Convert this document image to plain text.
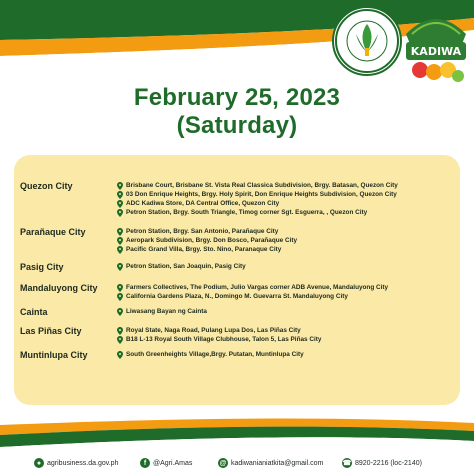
KADIWA
February 25, 2023
(Saturday)
Quezon City	Brisbane Court, Brisbane St. Vista Real Classica Subdivision, Brgy. Batasan, Quezon City
03 Don Enrique Heights, Brgy. Holy Spirit, Don Enrique Heights Subdivision, Quezon City
ADC Kadiwa Store, DA Central Office, Quezon City
Petron Station, Brgy. South Triangle, Timog corner Sgt. Esguerra, , Quezon City
Parañaque City	Petron Station, Brgy. San Antonio, Parañaque City
Aeropark Subdivision, Brgy. Don Bosco, Parañaque City
Pacific Grand Villa, Brgy. Sto. Nino, Paranaque City
Pasig City	Petron Station, San Joaquin, Pasig City
Mandaluyong City	Farmers Collectives, The Podium, Julio Vargas corner ADB Avenue, Mandaluyong City
California Gardens Plaza, N., Domingo M. Guevarra St. Mandaluyong City
Cainta	Liwasang Bayan ng Cainta
Las Piñas City	Royal State, Naga Road, Pulang Lupa Dos, Las Piñas City
B18 L-13 Royal South Village Clubhouse, Talon 5, Las Piñas City
Muntinlupa City	South Greenheights Village,Brgy. Putatan, Muntinlupa City
● agribusiness.da.gov.ph	f @Agri.Amas	@ kadiwanianiatkita@gmail.com	☎ 8920-2216 (loc-2140)
